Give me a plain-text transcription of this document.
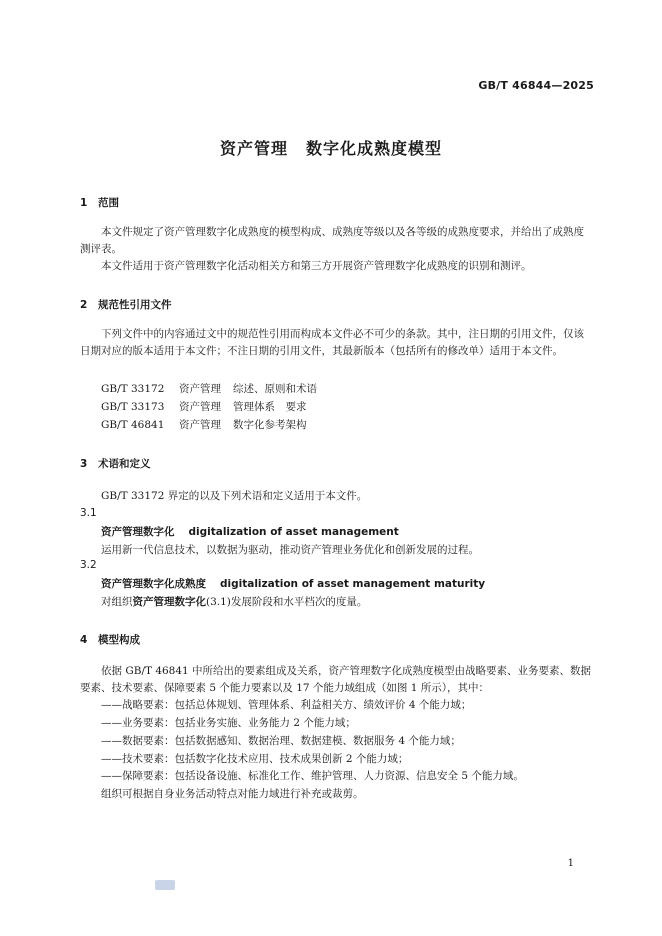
GB/T 46844—2025
资产管理 数字化成熟度模型
1 范围
本文件规定了资产管理数字化成熟度的模型构成、成熟度等级以及各等级的成熟度要求，并给出了成熟度测评表。
本文件适用于资产管理数字化活动相关方和第三方开展资产管理数字化成熟度的识别和测评。
2 规范性引用文件
下列文件中的内容通过文中的规范性引用而构成本文件必不可少的条款。其中，注日期的引用文件，仅该日期对应的版本适用于本文件；不注日期的引用文件，其最新版本（包括所有的修改单）适用于本文件。
GB/T 33172 资产管理 综述、原则和术语
GB/T 33173 资产管理 管理体系　要求
GB/T 46841 资产管理 数字化参考架构
3 术语和定义
GB/T 33172 界定的以及下列术语和定义适用于本文件。
3.1
资产管理数字化 digitalization of asset management
运用新一代信息技术，以数据为驱动，推动资产管理业务优化和创新发展的过程。
3.2
资产管理数字化成熟度 digitalization of asset management maturity
对组织资产管理数字化(3.1)发展阶段和水平档次的度量。
4 模型构成
依据 GB/T 46841 中所给出的要素组成及关系，资产管理数字化成熟度模型由战略要素、业务要素、数据要素、技术要素、保障要素 5 个能力要素以及 17 个能力域组成（如图 1 所示），其中：
——战略要素：包括总体规划、管理体系、利益相关方、绩效评价 4 个能力域；
——业务要素：包括业务实施、业务能力 2 个能力域；
——数据要素：包括数据感知、数据治理、数据建模、数据服务 4 个能力域；
——技术要素：包括数字化技术应用、技术成果创新 2 个能力域；
——保障要素：包括设备设施、标准化工作、维护管理、人力资源、信息安全 5 个能力域。
组织可根据自身业务活动特点对能力域进行补充或裁剪。
1
